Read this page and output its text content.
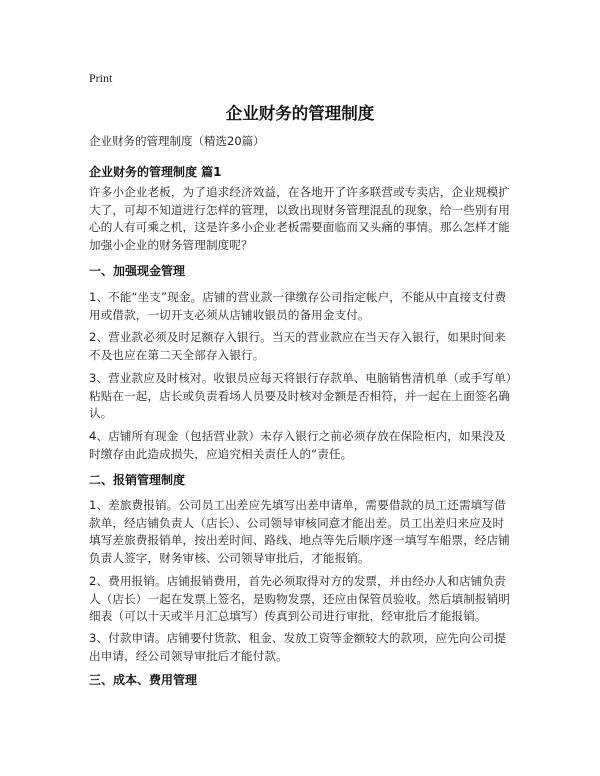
Print
企业财务的管理制度
企业财务的管理制度（精选20篇）
企业财务的管理制度 篇1
许多小企业老板，为了追求经济效益，在各地开了许多联营或专卖店，企业规模扩大了，可却不知道进行怎样的管理，以致出现财务管理混乱的现象，给一些别有用心的人有可乘之机，这是许多小企业老板需要面临而又头痛的事情。那么怎样才能加强小企业的财务管理制度呢？
一、加强现金管理
1、不能“坐支”现金。店铺的营业款一律缴存公司指定帐户，不能从中直接支付费用或借款，一切开支必须从店铺收银员的备用金支付。
2、营业款必须及时足额存入银行。当天的营业款应在当天存入银行，如果时间来不及也应在第二天全部存入银行。
3、营业款应及时核对。收银员应每天将银行存款单、电脑销售清机单（或手写单）粘贴在一起，店长或负责看场人员要及时核对金额是否相符，并一起在上面签名确认。
4、店铺所有现金（包括营业款）未存入银行之前必须存放在保险柜内，如果没及时缴存由此造成损失，应追究相关责任人的“责任。
二、报销管理制度
1、差旅费报销。公司员工出差应先填写出差申请单，需要借款的员工还需填写借款单，经店铺负责人（店长）、公司领导审核同意才能出差。员工出差归来应及时填写差旅费报销单，按出差时间、路线、地点等先后顺序逐一填写车船票，经店铺负责人签字，财务审核、公司领导审批后，才能报销。
2、费用报销。店铺报销费用，首先必须取得对方的发票，并由经办人和店铺负责人（店长）一起在发票上签名，是购物发票，还应由保管员验收。然后填制报销明细表（可以十天或半月汇总填写）传真到公司进行审批，经审批后才能报销。
3、付款申请。店铺要付货款、租金、发放工资等金额较大的款项，应先向公司提出申请，经公司领导审批后才能付款。
三、成本、费用管理
